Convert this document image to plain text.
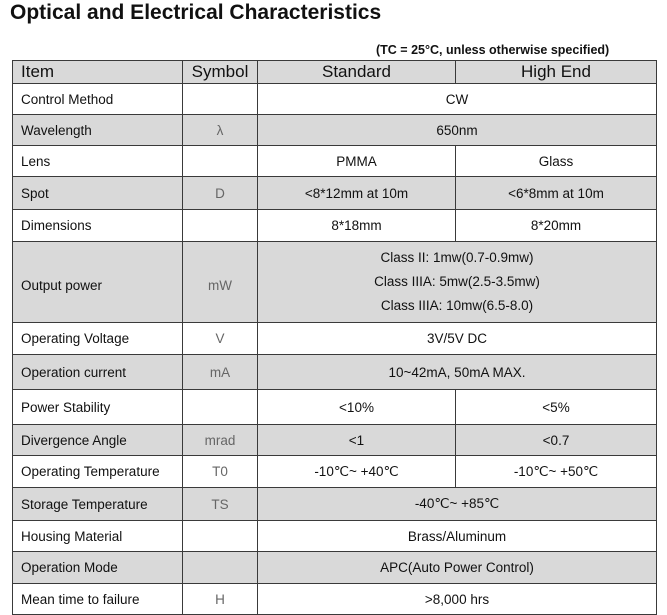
Optical and Electrical Characteristics
(TC = 25°C, unless otherwise specified)
Item	Symbol	Standard	High End
Control Method		CW	
Wavelength	λ	650nm	
Lens		PMMA	Glass
Spot	D	<8*12mm at 10m	<6*8mm at 10m
Dimensions		8*18mm	8*20mm
Output power	mW	Class II: 1mw(0.7-0.9mw)
Class IIIA: 5mw(2.5-3.5mw)
Class IIIA: 10mw(6.5-8.0)	

Operating Voltage	V	3V/5V DC	
Operation current	mA	10~42mA, 50mA MAX.	
Power Stability		<10%	<5%
Divergence Angle	mrad	<1	<0.7
Operating Temperature	T0	-10℃~ +40℃	-10℃~ +50℃
Storage Temperature	TS	-40℃~ +85℃	
Housing Material		Brass/Aluminum	
Operation Mode		APC(Auto Power Control)	
Mean time to failure	H	>8,000 hrs	
